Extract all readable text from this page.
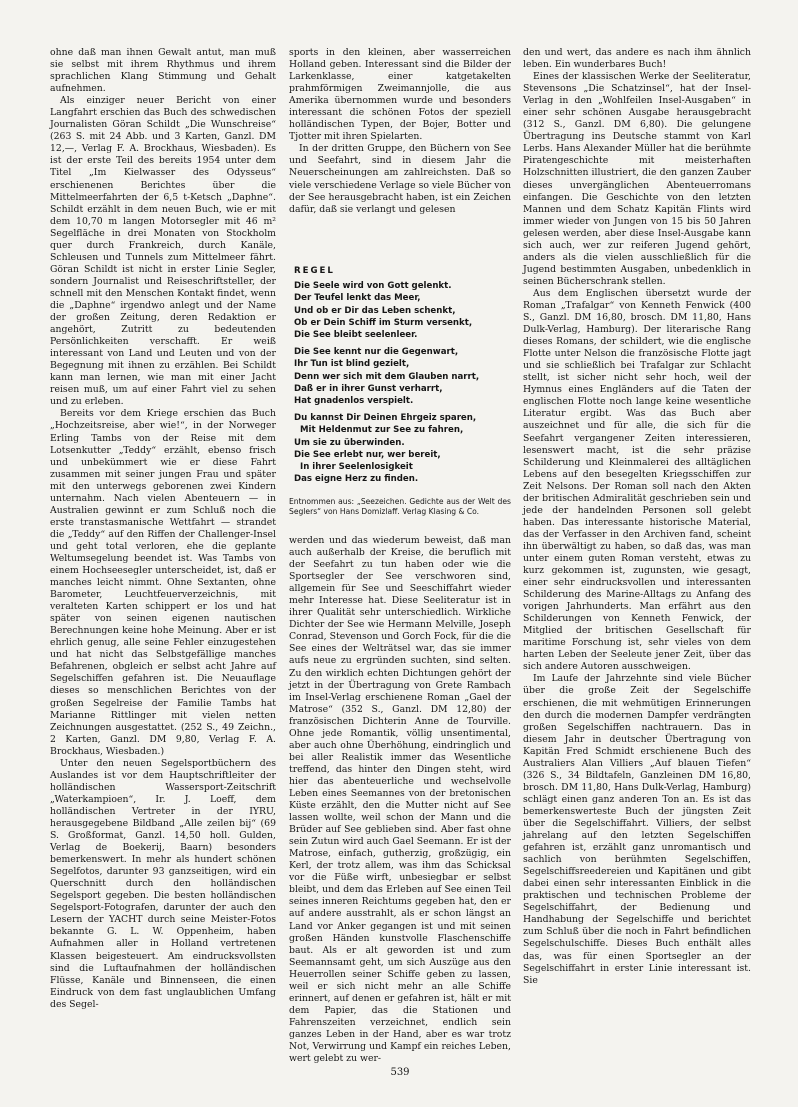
ohne daß man ihnen Gewalt antut, man muß sie selbst mit ihrem Rhythmus und ihrem sprachlichen Klang Stimmung und Gehalt aufnehmen.

Als einziger neuer Bericht von einer Langfahrt erschien das Buch des schwedischen Journalisten Göran Schildt „Die Wunschreise“ (263 S. mit 24 Abb. und 3 Karten, Ganzl. DM 12,—, Verlag F. A. Brockhaus, Wiesbaden). Es ist der erste Teil des bereits 1954 unter dem Titel „Im Kielwasser des Odysseus“ erschienenen Berichtes über die Mittelmeerfahrten der 6,5 t-Ketsch „Daphne“. Schildt erzählt in dem neuen Buch, wie er mit dem 10,70 m langen Motorsegler mit 46 m² Segelfläche in drei Monaten von Stockholm quer durch Frankreich, durch Kanäle, Schleusen und Tunnels zum Mittelmeer fährt. Göran Schildt ist nicht in erster Linie Segler, sondern Journalist und Reiseschriftsteller, der schnell mit den Menschen Kontakt findet, wenn die „Daphne“ irgendwo anlegt und der Name der großen Zeitung, deren Redaktion er angehört, Zutritt zu bedeutenden Persönlichkeiten verschafft. Er weiß interessant von Land und Leuten und von der Begegnung mit ihnen zu erzählen. Bei Schildt kann man lernen, wie man mit einer Jacht reisen muß, um auf einer Fahrt viel zu sehen und zu erleben.

Bereits vor dem Kriege erschien das Buch „Hochzeitsreise, aber wie!“, in der Norweger Erling Tambs von der Reise mit dem Lotsenkutter „Teddy“ erzählt, ebenso frisch und unbekümmert wie er diese Fahrt zusammen mit seiner jungen Frau und später mit den unterwegs geborenen zwei Kindern unternahm. Nach vielen Abenteuern — in Australien gewinnt er zum Schluß noch die erste transtasmanische Wettfahrt — strandet die „Teddy“ auf den Riffen der Challenger-Insel und geht total verloren, ehe die geplante Weltumsegelung beendet ist. Was Tambs von einem Hochseesegler unterscheidet, ist, daß er manches leicht nimmt. Ohne Sextanten, ohne Barometer, Leuchtfeuerverzeichnis, mit veralteten Karten schippert er los und hat später von seinen eigenen nautischen Berechnungen keine hohe Meinung. Aber er ist ehrlich genug, alle seine Fehler einzugestehen und hat nicht das Selbstgefällige manches Befahrenen, obgleich er selbst acht Jahre auf Segelschiffen gefahren ist. Die Neuauflage dieses so menschlichen Berichtes von der großen Segelreise der Familie Tambs hat Marianne Rittlinger mit vielen netten Zeichnungen ausgestattet. (252 S., 49 Zeichn., 2 Karten, Ganzl. DM 9,80, Verlag F. A. Brockhaus, Wiesbaden.)

Unter den neuen Segelsportbüchern des Auslandes ist vor dem Hauptschriftleiter der holländischen Wassersport-Zeitschrift „Waterkampioen“, Ir. J. Loeff, dem holländischen Vertreter in der IYRU, herausgegebene Bildband „Alle zeilen bij“ (69 S. Großformat, Ganzl. 14,50 holl. Gulden, Verlag de Boekerij, Baarn) besonders bemerkenswert. In mehr als hundert schönen Segelfotos, darunter 93 ganzseitigen, wird ein Querschnitt durch den holländischen Segelsport gegeben. Die besten holländischen Segelsport-Fotografen, darunter der auch den Lesern der YACHT durch seine Meister-Fotos bekannte G. L. W. Oppenheim, haben Aufnahmen aller in Holland vertretenen Klassen beigesteuert. Am eindrucksvollsten sind die Luftaufnahmen der holländischen Flüsse, Kanäle und Binnenseen, die einen Eindruck von dem fast unglaublichen Umfang des Segel-

sports in den kleinen, aber wasserreichen Holland geben. Interessant sind die Bilder der Larkenklasse, einer katgetakelten prahmförmigen Zweimannjolle, die aus Amerika übernommen wurde und besonders interessant die schönen Fotos der speziell holländischen Typen, der Bojer, Botter und Tjotter mit ihren Spielarten.

In der dritten Gruppe, den Büchern von See und Seefahrt, sind in diesem Jahr die Neuerscheinungen am zahlreichsten. Daß so viele verschiedene Verlage so viele Bücher von der See herausgebracht haben, ist ein Zeichen dafür, daß sie verlangt und gelesen

REGEL
Die Seele wird von Gott gelenkt.
Der Teufel lenkt das Meer,
Und ob er Dir das Leben schenkt,
Ob er Dein Schiff im Sturm versenkt,
Die See bleibt seelenleer.
Die See kennt nur die Gegenwart,
Ihr Tun ist blind gezielt,
Denn wer sich mit dem Glauben narrt,
Daß er in ihrer Gunst verharrt,
Hat gnadenlos verspielt.
Du kannst Dir Deinen Ehrgeiz sparen,
Mit Heldenmut zur See zu fahren,
Um sie zu überwinden.
Die See erlebt nur, wer bereit,
In ihrer Seelenlosigkeit
Das eigne Herz zu finden.
Entnommen aus: „Seezeichen. Gedichte aus der Welt des Seglers“ von Hans Domizlaff. Verlag Klasing & Co.

werden und das wiederum beweist, daß man auch außerhalb der Kreise, die beruflich mit der Seefahrt zu tun haben oder wie die Sportsegler der See verschworen sind, allgemein für See und Seeschiffahrt wieder mehr Interesse hat. Diese Seeliteratur ist in ihrer Qualität sehr unterschiedlich. Wirkliche Dichter der See wie Hermann Melville, Joseph Conrad, Stevenson und Gorch Fock, für die die See eines der Welträtsel war, das sie immer aufs neue zu ergründen suchten, sind selten. Zu den wirklich echten Dichtungen gehört der jetzt in der Übertragung von Grete Rambach im Insel-Verlag erschienene Roman „Gael der Matrose“ (352 S., Ganzl. DM 12,80) der französischen Dichterin Anne de Tourville. Ohne jede Romantik, völlig unsentimental, aber auch ohne Überhöhung, eindringlich und bei aller Realistik immer das Wesentliche treffend, das hinter den Dingen steht, wird hier das abenteuerliche und wechselvolle Leben eines Seemannes von der bretonischen Küste erzählt, den die Mutter nicht auf See lassen wollte, weil schon der Mann und die Brüder auf See geblieben sind. Aber fast ohne sein Zutun wird auch Gael Seemann. Er ist der Matrose, einfach, gutherzig, großzügig, ein Kerl, der trotz allem, was ihm das Schicksal vor die Füße wirft, unbesiegbar er selbst bleibt, und dem das Erleben auf See einen Teil seines inneren Reichtums gegeben hat, den er auf andere ausstrahlt, als er schon längst an Land vor Anker gegangen ist und mit seinen großen Händen kunstvolle Flaschenschiffe baut. Als er alt geworden ist und zum Seemannsamt geht, um sich Auszüge aus den Heuerrollen seiner Schiffe geben zu lassen, weil er sich nicht mehr an alle Schiffe erinnert, auf denen er gefahren ist, hält er mit dem Papier, das die Stationen und Fahrenszeiten verzeichnet, endlich sein ganzes Leben in der Hand, aber es war trotz Not, Verwirrung und Kampf ein reiches Leben, wert gelebt zu wer-

den und wert, das andere es nach ihm ähnlich leben. Ein wunderbares Buch!

Eines der klassischen Werke der Seeliteratur, Stevensons „Die Schatzinsel“, hat der Insel-Verlag in den „Wohlfeilen Insel-Ausgaben“ in einer sehr schönen Ausgabe herausgebracht (312 S., Ganzl. DM 6,80). Die gelungene Übertragung ins Deutsche stammt von Karl Lerbs. Hans Alexander Müller hat die berühmte Piratengeschichte mit meisterhaften Holzschnitten illustriert, die den ganzen Zauber dieses unvergänglichen Abenteuerromans einfangen. Die Geschichte von den letzten Mannen und dem Schatz Kapitän Flints wird immer wieder von Jungen von 15 bis 50 Jahren gelesen werden, aber diese Insel-Ausgabe kann sich auch, wer zur reiferen Jugend gehört, anders als die vielen ausschließlich für die Jugend bestimmten Ausgaben, unbedenklich in seinen Bücherschrank stellen.

Aus dem Englischen übersetzt wurde der Roman „Trafalgar“ von Kenneth Fenwick (400 S., Ganzl. DM 16,80, brosch. DM 11,80, Hans Dulk-Verlag, Hamburg). Der literarische Rang dieses Romans, der schildert, wie die englische Flotte unter Nelson die französische Flotte jagt und sie schließlich bei Trafalgar zur Schlacht stellt, ist sicher nicht sehr hoch, weil der Hymnus eines Engländers auf die Taten der englischen Flotte noch lange keine wesentliche Literatur ergibt. Was das Buch aber auszeichnet und für alle, die sich für die Seefahrt vergangener Zeiten interessieren, lesenswert macht, ist die sehr präzise Schilderung und Kleinmalerei des alltäglichen Lebens auf den besegelten Kriegsschiffen zur Zeit Nelsons. Der Roman soll nach den Akten der britischen Admiralität geschrieben sein und jede der handelnden Personen soll gelebt haben. Das interessante historische Material, das der Verfasser in den Archiven fand, scheint ihn überwältigt zu haben, so daß das, was man unter einem guten Roman versteht, etwas zu kurz gekommen ist, zugunsten, wie gesagt, einer sehr eindrucksvollen und interessanten Schilderung des Marine-Alltags zu Anfang des vorigen Jahrhunderts. Man erfährt aus den Schilderungen von Kenneth Fenwick, der Mitglied der britischen Gesellschaft für maritime Forschung ist, sehr vieles von dem harten Leben der Seeleute jener Zeit, über das sich andere Autoren ausschweigen.

Im Laufe der Jahrzehnte sind viele Bücher über die große Zeit der Segelschiffe erschienen, die mit wehmütigen Erinnerungen den durch die modernen Dampfer verdrängten großen Segelschiffen nachtrauern. Das in diesem Jahr in deutscher Übertragung von Kapitän Fred Schmidt erschienene Buch des Australiers Alan Villiers „Auf blauen Tiefen“ (326 S., 34 Bildtafeln, Ganzleinen DM 16,80, brosch. DM 11,80, Hans Dulk-Verlag, Hamburg) schlägt einen ganz anderen Ton an. Es ist das bemerkenswerteste Buch der jüngsten Zeit über die Segelschiffahrt. Villiers, der selbst jahrelang auf den letzten Segelschiffen gefahren ist, erzählt ganz unromantisch und sachlich von berühmten Segelschiffen, Segelschiffsreedereien und Kapitänen und gibt dabei einen sehr interessanten Einblick in die praktischen und technischen Probleme der Segelschiffahrt, der Bedienung und Handhabung der Segelschiffe und berichtet zum Schluß über die noch in Fahrt befindlichen Segelschulschiffe. Dieses Buch enthält alles das, was für einen Sportsegler an der Segelschiffahrt in erster Linie interessant ist. Sie

539
